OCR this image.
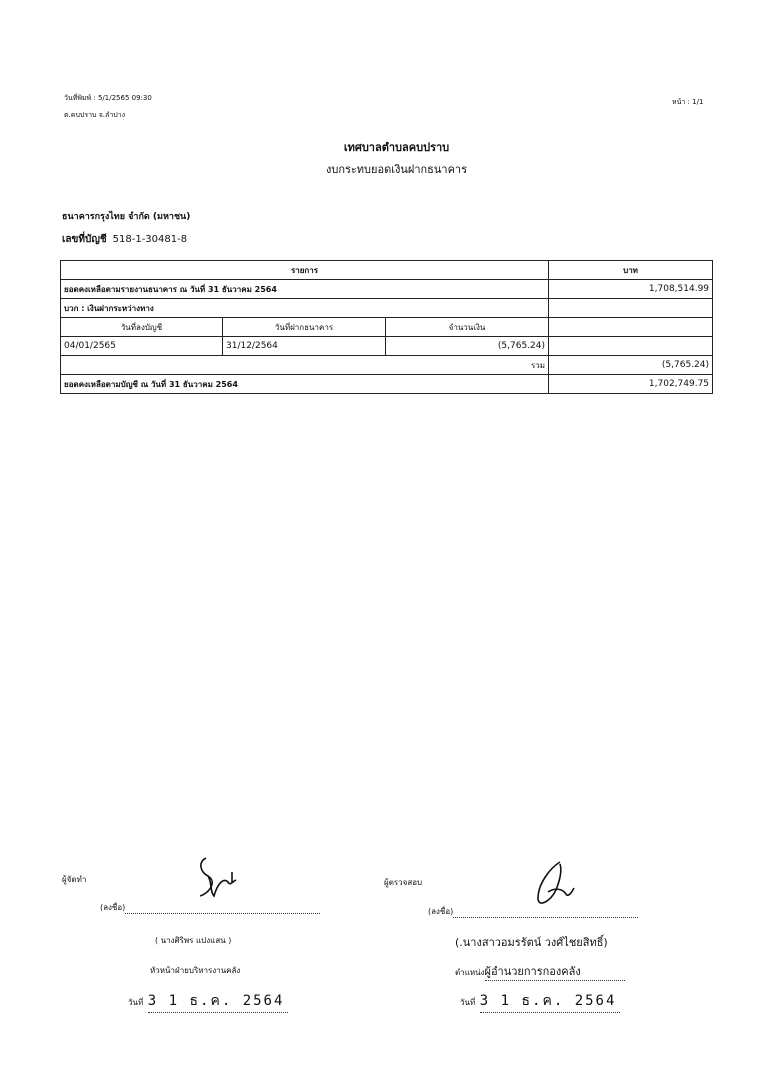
วันที่พิมพ์ : 5/1/2565 09:30
ต.คบปราบ จ.ลำปาง
หน้า : 1/1
เทศบาลตำบลคบปราบ
งบกระทบยอดเงินฝากธนาคาร
ธนาคารกรุงไทย จำกัด (มหาชน)
เลขที่บัญชี 518-1-30481-8
รายการ			บาท
ยอดคงเหลือตามรายงานธนาคาร ณ วันที่ 31 ธันวาคม 2564			1,708,514.99
บวก : เงินฝากระหว่างทาง			
วันที่ลงบัญชี	วันที่ฝากธนาคาร	จำนวนเงิน	
04/01/2565	31/12/2564	(5,765.24)	
รวม			(5,765.24)
ยอดคงเหลือตามบัญชี ณ วันที่ 31 ธันวาคม 2564			1,702,749.75
ผู้จัดทำ
(ลงชื่อ)
( นางศิริพร แปงแสน )
หัวหน้าฝ่ายบริหารงานคลัง
วันที่ 3 1 ธ.ค. 2564
ผู้ตรวจสอบ
(ลงชื่อ)
(.นางสาวอมรรัตน์ วงศ์ไชยสิทธิ์)
ตำแหน่งผู้อำนวยการกองคลัง
วันที่ 3 1 ธ.ค. 2564
